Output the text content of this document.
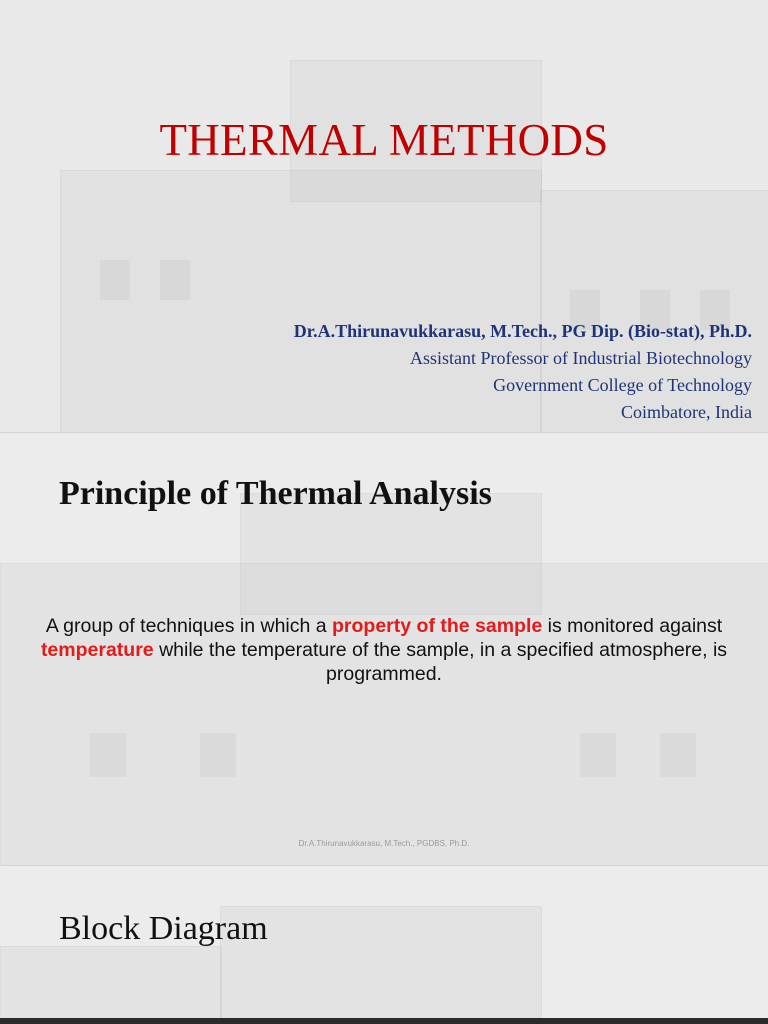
THERMAL METHODS
Dr.A.Thirunavukkarasu, M.Tech., PG Dip. (Bio-stat), Ph.D.
Assistant Professor of Industrial Biotechnology
Government College of Technology
Coimbatore, India
Principle of Thermal Analysis
A group of techniques in which a property of the sample is monitored against temperature while the temperature of the sample, in a specified atmosphere, is programmed.
Dr.A.Thirunavukkarasu, M.Tech., PGDBS, Ph.D.
Block Diagram
